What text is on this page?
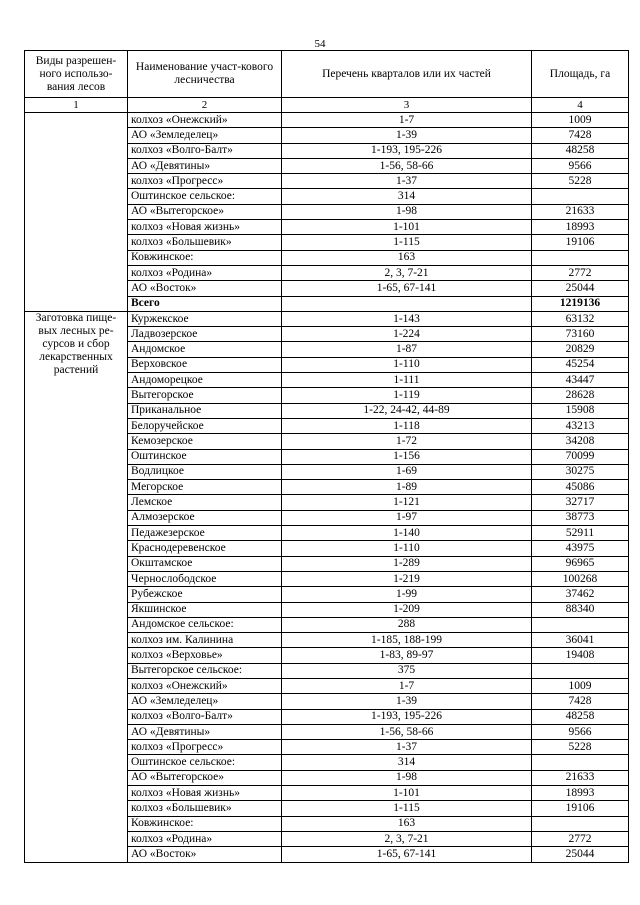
54
Виды разрешен-ного использо-вания лесов	Наименование участ-кового лесничества	Перечень кварталов или их частей	Площадь, га
1	2	3	4
	колхоз «Онежский»	1-7	1009
	АО «Земледелец»	1-39	7428
	колхоз «Волго-Балт»	1-193, 195-226	48258
	АО «Девятины»	1-56, 58-66	9566
	колхоз «Прогресс»	1-37	5228
	Оштинское сельское:	314	
	АО «Вытегорское»	1-98	21633
	колхоз «Новая жизнь»	1-101	18993
	колхоз «Большевик»	1-115	19106
	Ковжинское:	163	
	колхоз «Родина»	2, 3, 7-21	2772
	АО «Восток»	1-65, 67-141	25044
	Всего		1219136
Заготовка пище-вых лесных ре-сурсов и сбор лекарственных растений	Куржекское	1-143	63132
	Ладвозерское	1-224	73160
	Андомское	1-87	20829
	Верховское	1-110	45254
	Андоморецкое	1-111	43447
	Вытегорское	1-119	28628
	Приканальное	1-22, 24-42, 44-89	15908
	Белоручейское	1-118	43213
	Кемозерское	1-72	34208
	Оштинское	1-156	70099
	Водлицкое	1-69	30275
	Мегорское	1-89	45086
	Лемское	1-121	32717
	Алмозерское	1-97	38773
	Педажезерское	1-140	52911
	Краснодеревенское	1-110	43975
	Окштамское	1-289	96965
	Чернослободское	1-219	100268
	Рубежское	1-99	37462
	Якшинское	1-209	88340
	Андомское сельское:	288	
	колхоз им. Калинина	1-185, 188-199	36041
	колхоз «Верховье»	1-83, 89-97	19408
	Вытегорское сельское:	375	
	колхоз «Онежский»	1-7	1009
	АО «Земледелец»	1-39	7428
	колхоз «Волго-Балт»	1-193, 195-226	48258
	АО «Девятины»	1-56, 58-66	9566
	колхоз «Прогресс»	1-37	5228
	Оштинское сельское:	314	
	АО «Вытегорское»	1-98	21633
	колхоз «Новая жизнь»	1-101	18993
	колхоз «Большевик»	1-115	19106
	Ковжинское:	163	
	колхоз «Родина»	2, 3, 7-21	2772
	АО «Восток»	1-65, 67-141	25044
